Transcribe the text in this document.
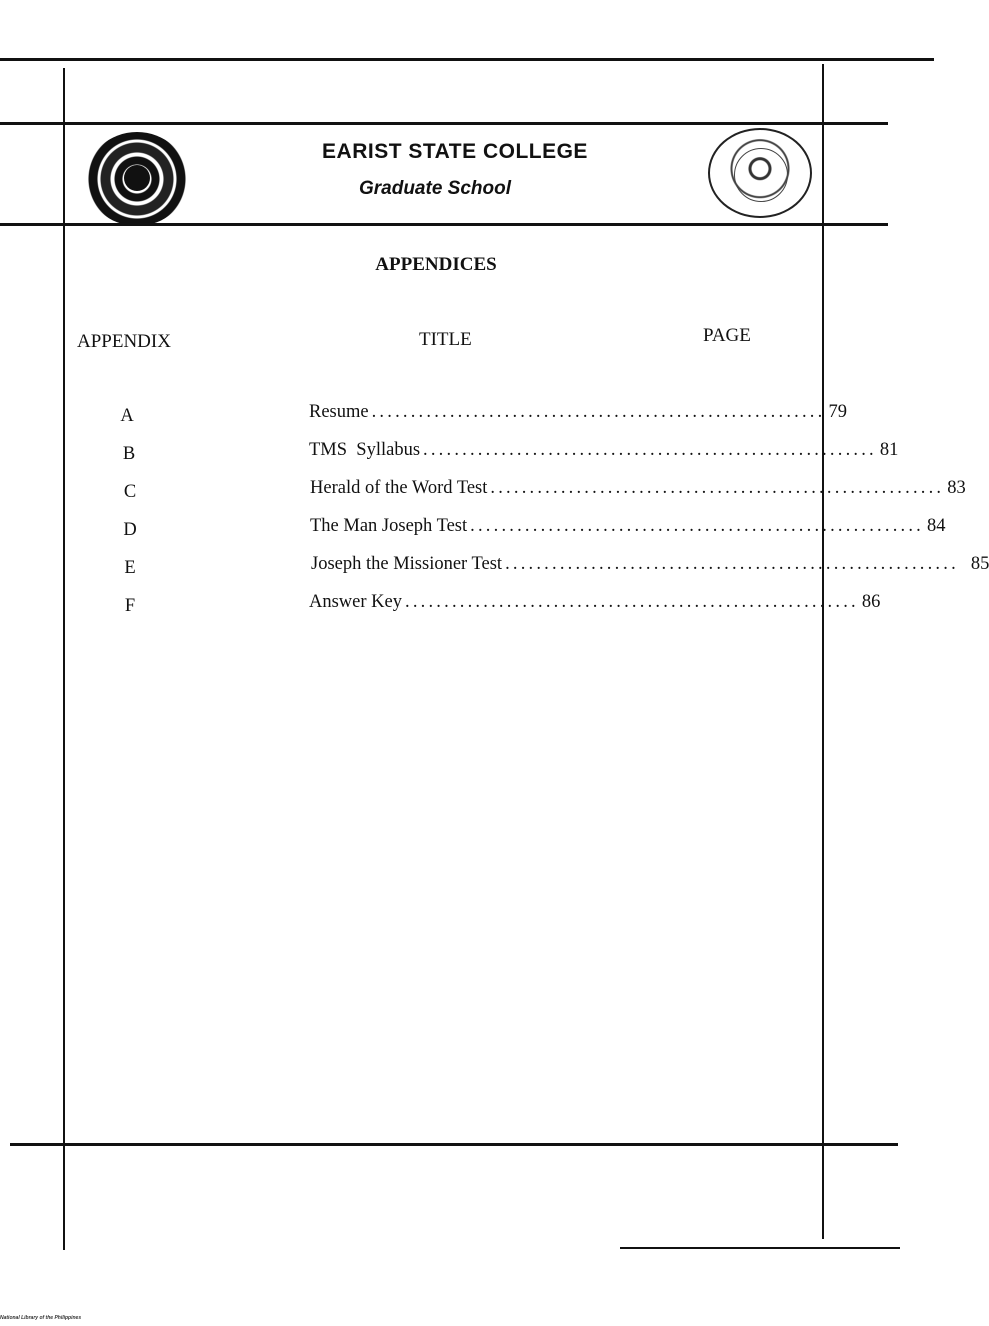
EARIST STATE COLLEGE
Graduate School
APPENDICES
APPENDIX	TITLE	PAGE
A	Resume .......................................................... 79
B	TMS  Syllabus .......................................................... 81
C	Herald of the Word Test .......................................................... 83
D	The Man Joseph Test .......................................................... 84
E	Joseph the Missioner Test .......................................................... 85
F	Answer Key .......................................................... 86
National Library of the Philippines
